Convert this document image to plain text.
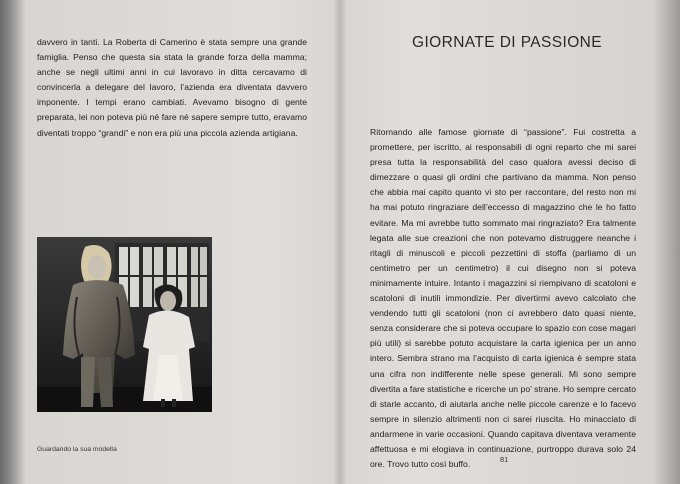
davvero in tanti. La Roberta di Camerino è stata sempre una grande famiglia. Penso che questa sia stata la grande forza della mamma; anche se negli ultimi anni in cui lavoravo in ditta cercavamo di convincerla a delegare del lavoro, l’azienda era diventata davvero imponente. I tempi erano cambiati. Avevamo bisogno di gente preparata, lei non poteva più né fare né sapere sempre tutto, eravamo diventati troppo “grandi” e non era più una piccola azienda artigiana.
Guardando la sua modella
GIORNATE DI PASSIONE
Ritornando alle famose giornate di “passione”. Fui costretta a promettere, per iscritto, ai responsabili di ogni reparto che mi sarei presa tutta la responsabilità del caso qualora avessi deciso di dimezzare o quasi gli ordini che partivano da mamma. Non penso che abbia mai capito quanto vi sto per raccontare, del resto non mi ha mai potuto ringraziare dell’eccesso di magazzino che le ho fatto evitare. Ma mi avrebbe tutto sommato mai ringraziato? Era talmente legata alle sue creazioni che non potevamo distruggere neanche i ritagli di minuscoli e piccoli pezzettini di stoffa (parliamo di un centimetro per un centimetro) il cui disegno non si poteva minimamente intuire. Intanto i magazzini si riempivano di scatoloni e scatoloni di inutili immondizie. Per divertirmi avevo calcolato che vendendo tutti gli scatoloni (non ci avrebbero dato quasi niente, senza considerare che si poteva occupare lo spazio con cose magari più utili) si sarebbe potuto acquistare la carta igienica per un anno intero. Sembra strano ma l’acquisto di carta igienica è sempre stata una cifra non indifferente nelle spese generali. Mi sono sempre divertita a fare statistiche e ricerche un po’ strane. Ho sempre cercato di starle accanto, di aiutarla anche nelle piccole carenze e lo facevo sempre in silenzio altrimenti non ci sarei riuscita. Ho minacciato di andarmene in varie occasioni. Quando capitava diventava veramente affettuosa e mi elogiava in continuazione, purtroppo durava solo 24 ore. Trovo tutto così buffo.	81
